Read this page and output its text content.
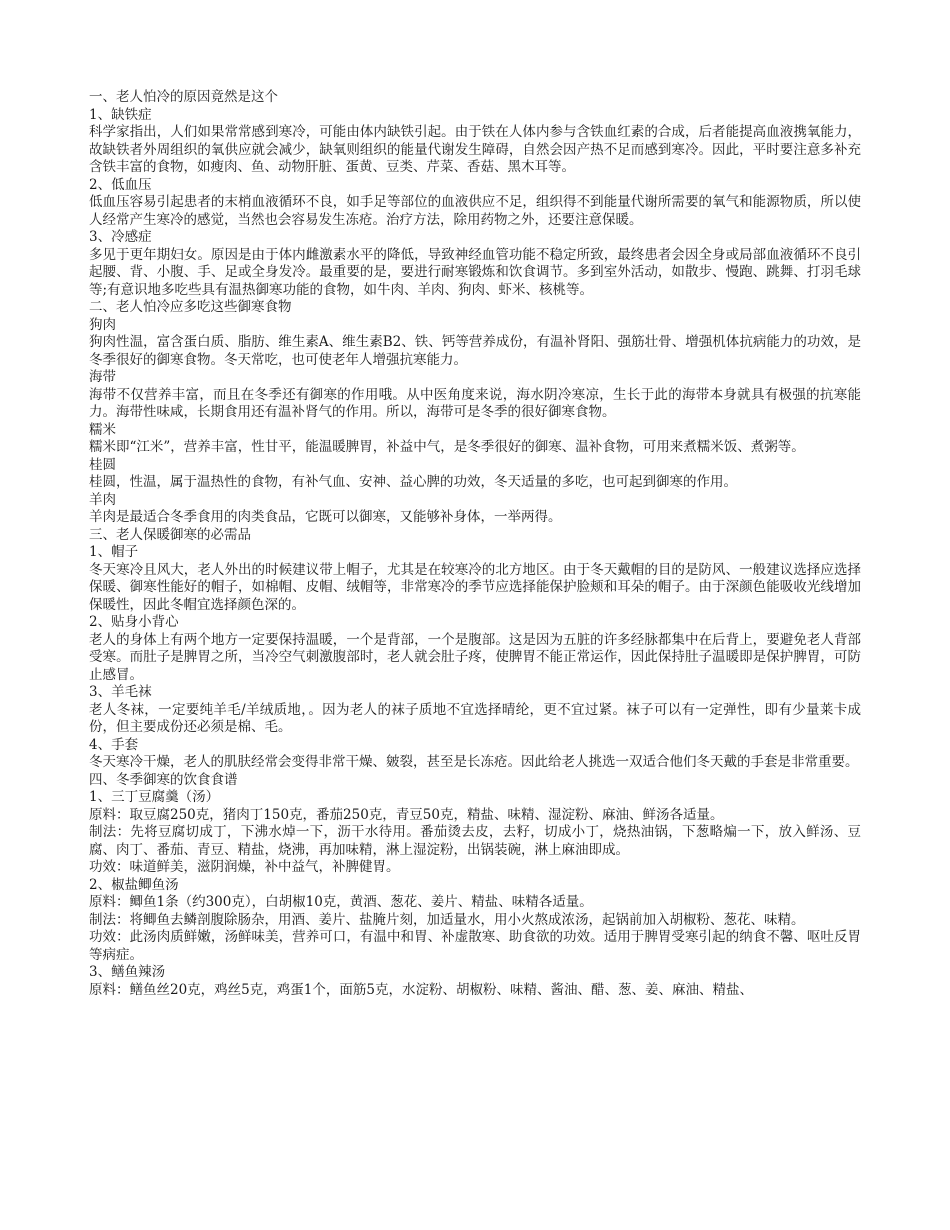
一、老人怕冷的原因竟然是这个

1、缺铁症

科学家指出，人们如果常常感到寒冷，可能由体内缺铁引起。由于铁在人体内参与含铁血红素的合成，后者能提高血液携氧能力，故缺铁者外周组织的氧供应就会减少，缺氧则组织的能量代谢发生障碍，自然会因产热不足而感到寒冷。因此，平时要注意多补充含铁丰富的食物，如瘦肉、鱼、动物肝脏、蛋黄、豆类、芹菜、香菇、黑木耳等。

2、低血压

低血压容易引起患者的末梢血液循环不良，如手足等部位的血液供应不足，组织得不到能量代谢所需要的氧气和能源物质，所以使人经常产生寒冷的感觉，当然也会容易发生冻疮。治疗方法，除用药物之外，还要注意保暖。

3、冷感症

多见于更年期妇女。原因是由于体内雌激素水平的降低，导致神经血管功能不稳定所致，最终患者会因全身或局部血液循环不良引起腰、背、小腹、手、足或全身发冷。最重要的是，要进行耐寒锻炼和饮食调节。多到室外活动，如散步、慢跑、跳舞、打羽毛球等;有意识地多吃些具有温热御寒功能的食物，如牛肉、羊肉、狗肉、虾米、核桃等。

二、老人怕冷应多吃这些御寒食物

狗肉

狗肉性温，富含蛋白质、脂肪、维生素A、维生素B2、铁、钙等营养成份，有温补肾阳、强筋壮骨、增强机体抗病能力的功效，是冬季很好的御寒食物。冬天常吃，也可使老年人增强抗寒能力。

海带

海带不仅营养丰富，而且在冬季还有御寒的作用哦。从中医角度来说，海水阴冷寒凉，生长于此的海带本身就具有极强的抗寒能力。海带性味咸，长期食用还有温补肾气的作用。所以，海带可是冬季的很好御寒食物。

糯米

糯米即“江米”，营养丰富，性甘平，能温暖脾胃，补益中气，是冬季很好的御寒、温补食物，可用来煮糯米饭、煮粥等。

桂圆

桂圆，性温，属于温热性的食物，有补气血、安神、益心脾的功效，冬天适量的多吃，也可起到御寒的作用。

羊肉

羊肉是最适合冬季食用的肉类食品，它既可以御寒，又能够补身体，一举两得。

三、老人保暖御寒的必需品

1、帽子

冬天寒冷且风大，老人外出的时候建议带上帽子，尤其是在较寒冷的北方地区。由于冬天戴帽的目的是防风、一般建议选择应选择保暖、御寒性能好的帽子，如棉帽、皮帽、绒帽等，非常寒冷的季节应选择能保护脸颊和耳朵的帽子。由于深颜色能吸收光线增加保暖性，因此冬帽宜选择颜色深的。

2、贴身小背心

老人的身体上有两个地方一定要保持温暖，一个是背部，一个是腹部。这是因为五脏的许多经脉都集中在后背上，要避免老人背部受寒。而肚子是脾胃之所，当冷空气刺激腹部时，老人就会肚子疼，使脾胃不能正常运作，因此保持肚子温暖即是保护脾胃，可防止感冒。

3、羊毛袜

老人冬袜，一定要纯羊毛/羊绒质地，。因为老人的袜子质地不宜选择晴纶，更不宜过紧。袜子可以有一定弹性，即有少量莱卡成份，但主要成份还必须是棉、毛。

4、手套

冬天寒冷干燥，老人的肌肤经常会变得非常干燥、皴裂，甚至是长冻疮。因此给老人挑选一双适合他们冬天戴的手套是非常重要。

四、冬季御寒的饮食食谱

1、三丁豆腐羹（汤）

原料：取豆腐250克，猪肉丁150克，番茄250克，青豆50克，精盐、味精、湿淀粉、麻油、鲜汤各适量。

制法：先将豆腐切成丁，下沸水焯一下，沥干水待用。番茄烫去皮，去籽，切成小丁，烧热油锅，下葱略煸一下，放入鲜汤、豆腐、肉丁、番茄、青豆、精盐，烧沸，再加味精，淋上湿淀粉，出锅装碗，淋上麻油即成。

功效：味道鲜美，滋阴润燥，补中益气，补脾健胃。

2、椒盐鲫鱼汤

原料：鲫鱼1条（约300克），白胡椒10克，黄酒、葱花、姜片、精盐、味精各适量。

制法：将鲫鱼去鳞剖腹除肠杂，用酒、姜片、盐腌片刻，加适量水，用小火熬成浓汤，起锅前加入胡椒粉、葱花、味精。

功效：此汤肉质鲜嫩，汤鲜味美，营养可口，有温中和胃、补虚散寒、助食欲的功效。适用于脾胃受寒引起的纳食不馨、呕吐反胃等病症。

3、鳝鱼辣汤

原料：鳝鱼丝20克，鸡丝5克，鸡蛋1个，面筋5克，水淀粉、胡椒粉、味精、酱油、醋、葱、姜、麻油、精盐、
